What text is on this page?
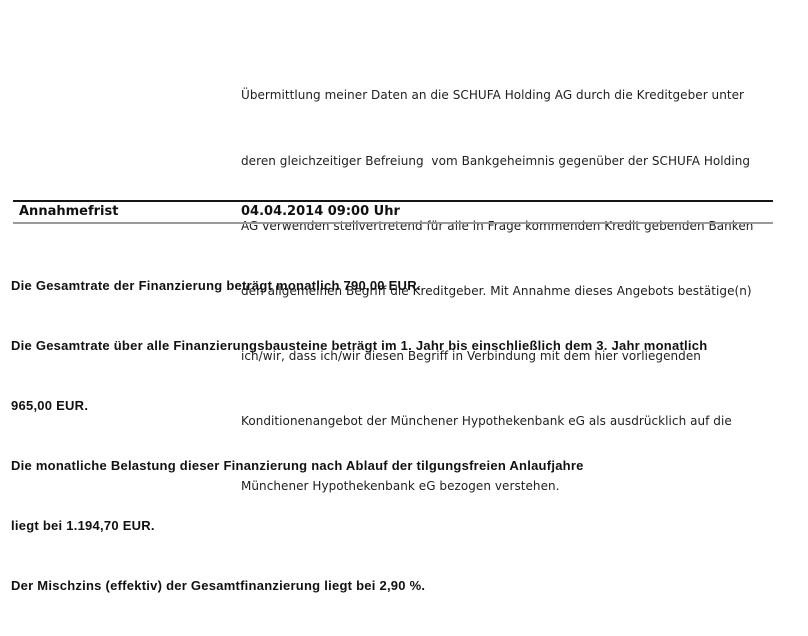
Übermittlung meiner Daten an die SCHUFA Holding AG durch die Kreditgeber unter

deren gleichzeitiger Befreiung  vom Bankgeheimnis gegenüber der SCHUFA Holding

AG verwenden stellvertretend für alle in Frage kommenden Kredit gebenden Banken

den allgemeinen Begriff die Kreditgeber. Mit Annahme dieses Angebots bestätige(n)

ich/wir, dass ich/wir diesen Begriff in Verbindung mit dem hier vorliegenden

Konditionenangebot der Münchener Hypothekenbank eG als ausdrücklich auf die

Münchener Hypothekenbank eG bezogen verstehen.

Annahmefrist	04.04.2014 09:00 Uhr

Die Gesamtrate der Finanzierung beträgt monatlich 790,00 EUR.

Die Gesamtrate über alle Finanzierungsbausteine beträgt im 1. Jahr bis einschließlich dem 3. Jahr monatlich

965,00 EUR.

Die monatliche Belastung dieser Finanzierung nach Ablauf der tilgungsfreien Anlaufjahre

liegt bei 1.194,70 EUR.

Der Mischzins (effektiv) der Gesamtfinanzierung liegt bei 2,90 %.
